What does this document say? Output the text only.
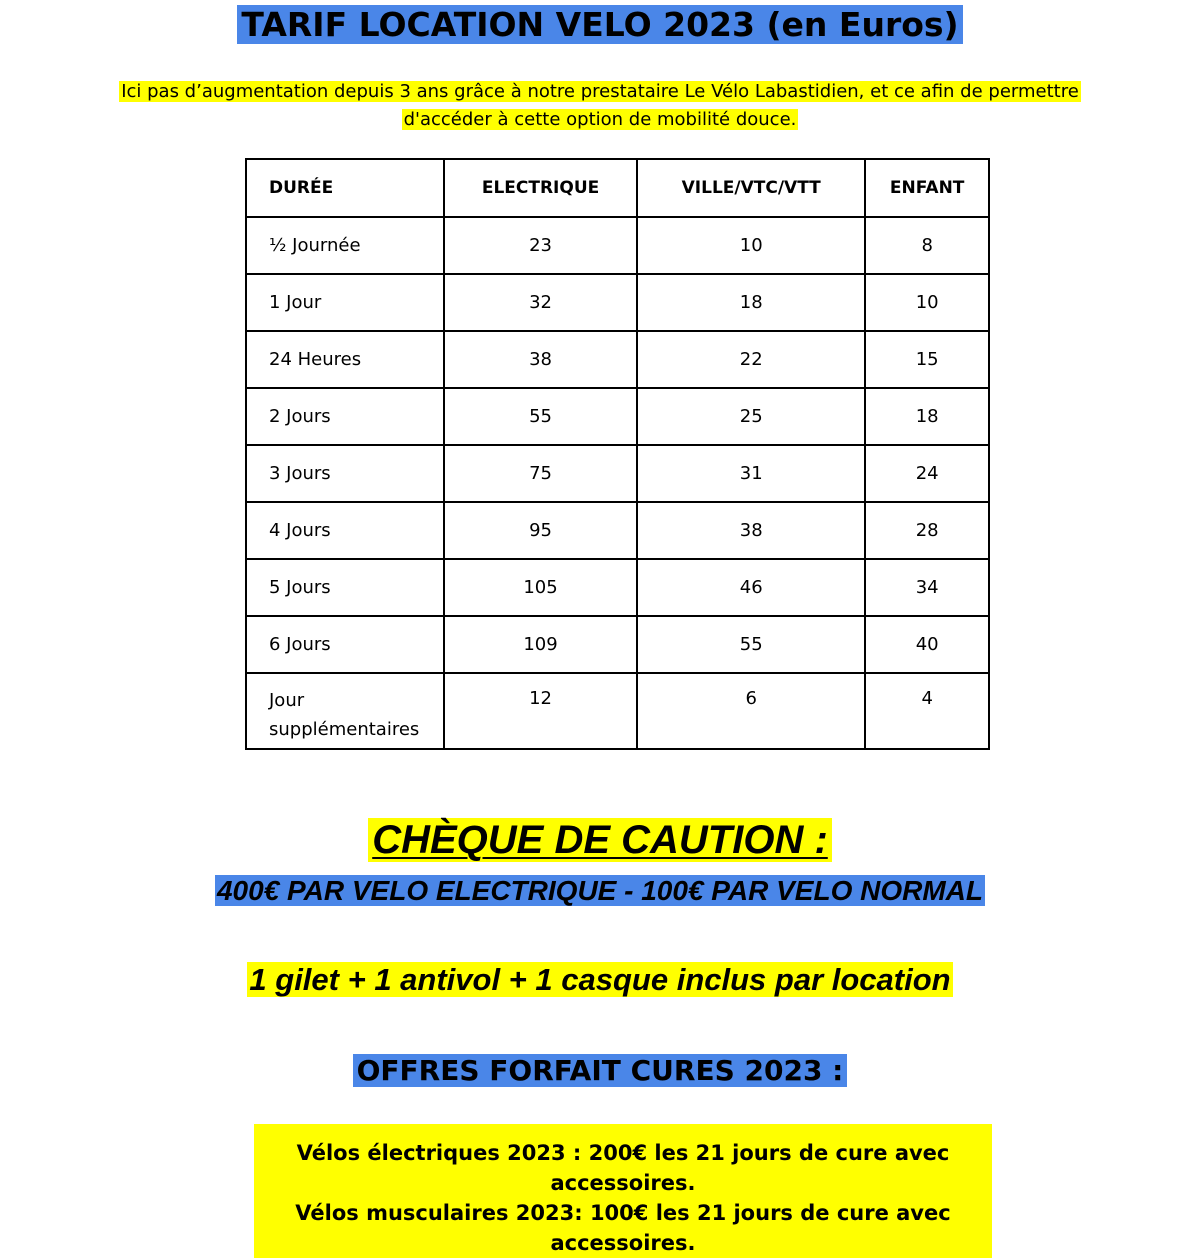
TARIF LOCATION VELO 2023 (en Euros)
Ici pas d’augmentation depuis 3 ans grâce à notre prestataire Le Vélo Labastidien, et ce afin de permettre
d'accéder à cette option de mobilité douce.
DURÉE	ELECTRIQUE	VILLE/VTC/VTT	ENFANT
½ Journée	23	10	8
1 Jour	32	18	10
24 Heures	38	22	15
2 Jours	55	25	18
3 Jours	75	31	24
4 Jours	95	38	28
5 Jours	105	46	34
6 Jours	109	55	40
Jour
supplémentaires	12	6	4
CHÈQUE DE CAUTION :
400€ PAR VELO ELECTRIQUE - 100€ PAR VELO NORMAL
1 gilet + 1 antivol + 1 casque inclus par location
OFFRES FORFAIT CURES 2023 :
Vélos électriques 2023 : 200€ les 21 jours de cure avec accessoires.
Vélos musculaires 2023: 100€ les 21 jours de cure avec accessoires.
